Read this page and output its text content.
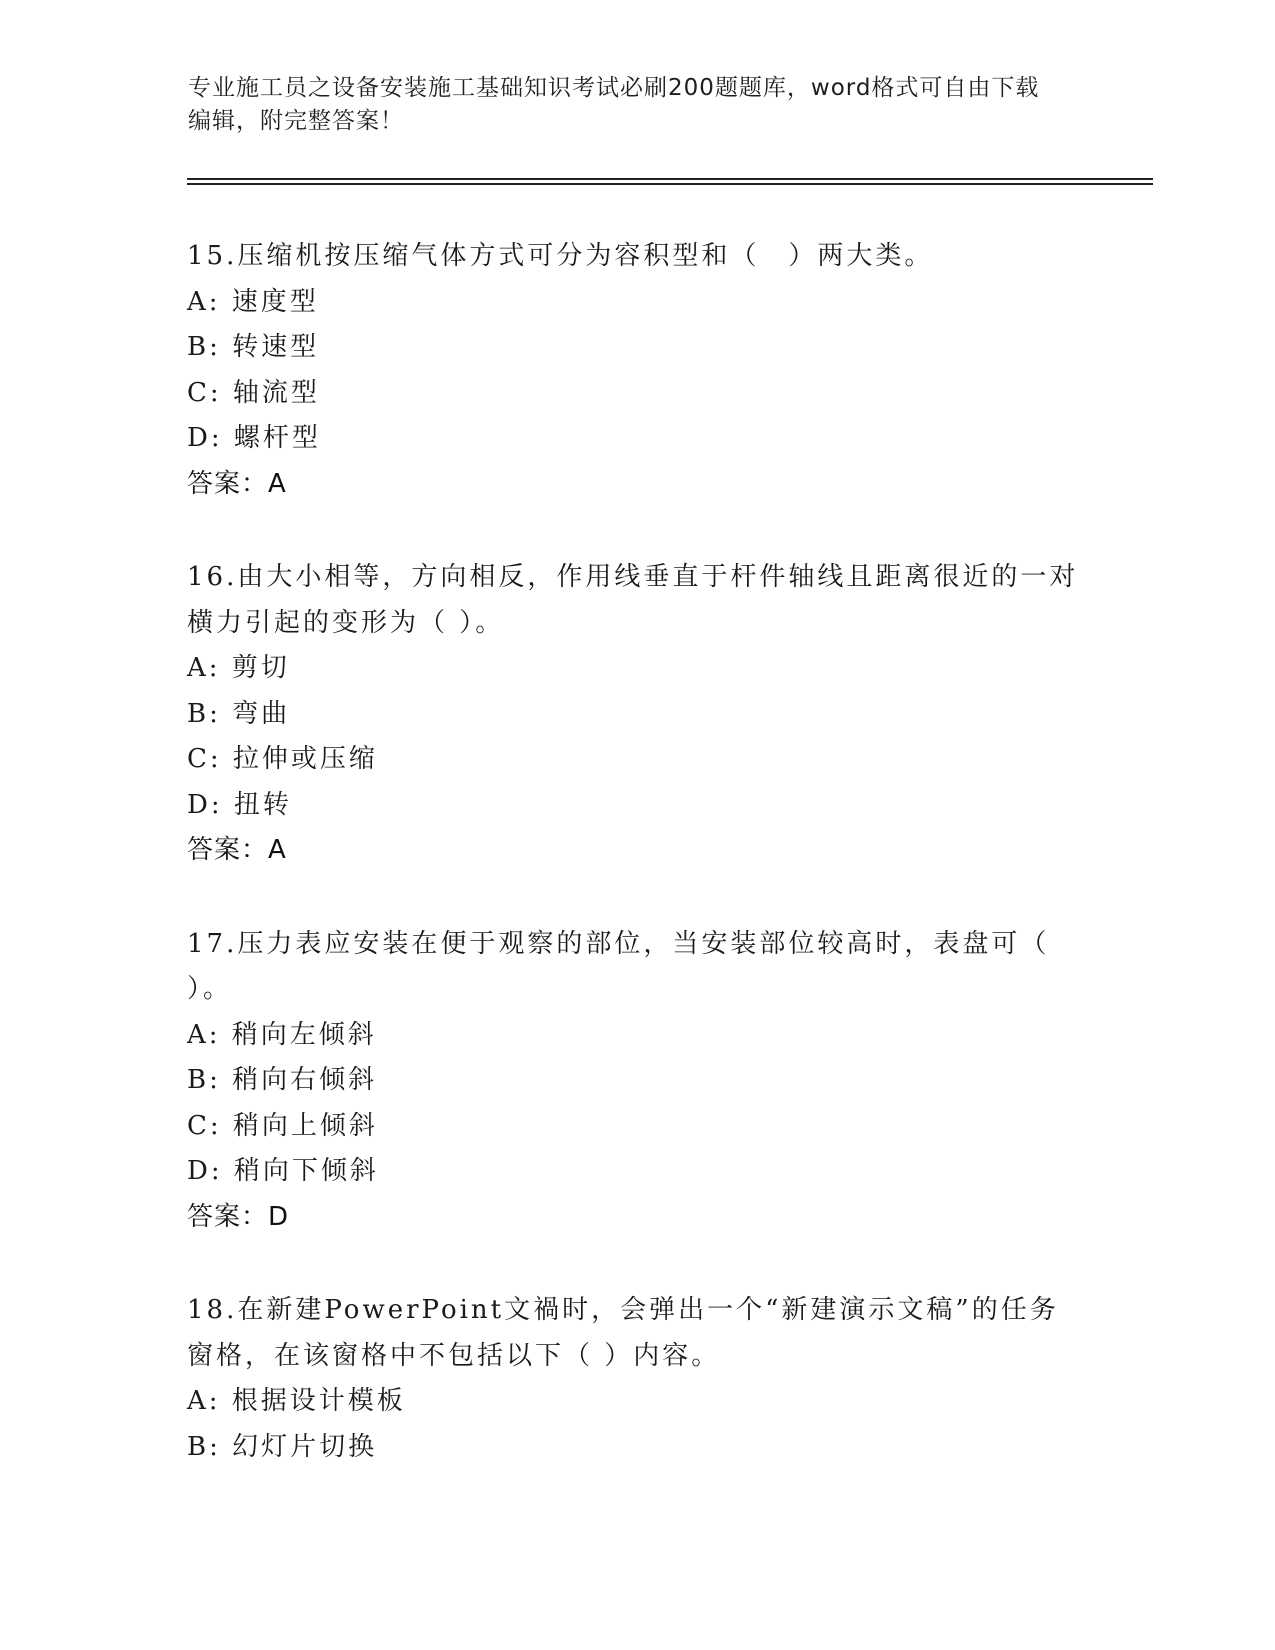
专业施工员之设备安装施工基础知识考试必刷200题题库，word格式可自由下载
编辑，附完整答案！
15.压缩机按压缩气体方式可分为容积型和（　）两大类。
A: 速度型
B: 转速型
C: 轴流型
D: 螺杆型
答案：A
16.由大小相等，方向相反，作用线垂直于杆件轴线且距离很近的一对
横力引起的变形为（ ）。
A: 剪切
B: 弯曲
C: 拉伸或压缩
D: 扭转
答案：A
17.压力表应安装在便于观察的部位，当安装部位较高时，表盘可（
）。
A: 稍向左倾斜
B: 稍向右倾斜
C: 稍向上倾斜
D: 稍向下倾斜
答案：D
18.在新建PowerPoint文禍时，会弹出一个“新建演示文稿”的任务
窗格，在该窗格中不包括以下（ ）内容。
A: 根据设计模板
B: 幻灯片切换
